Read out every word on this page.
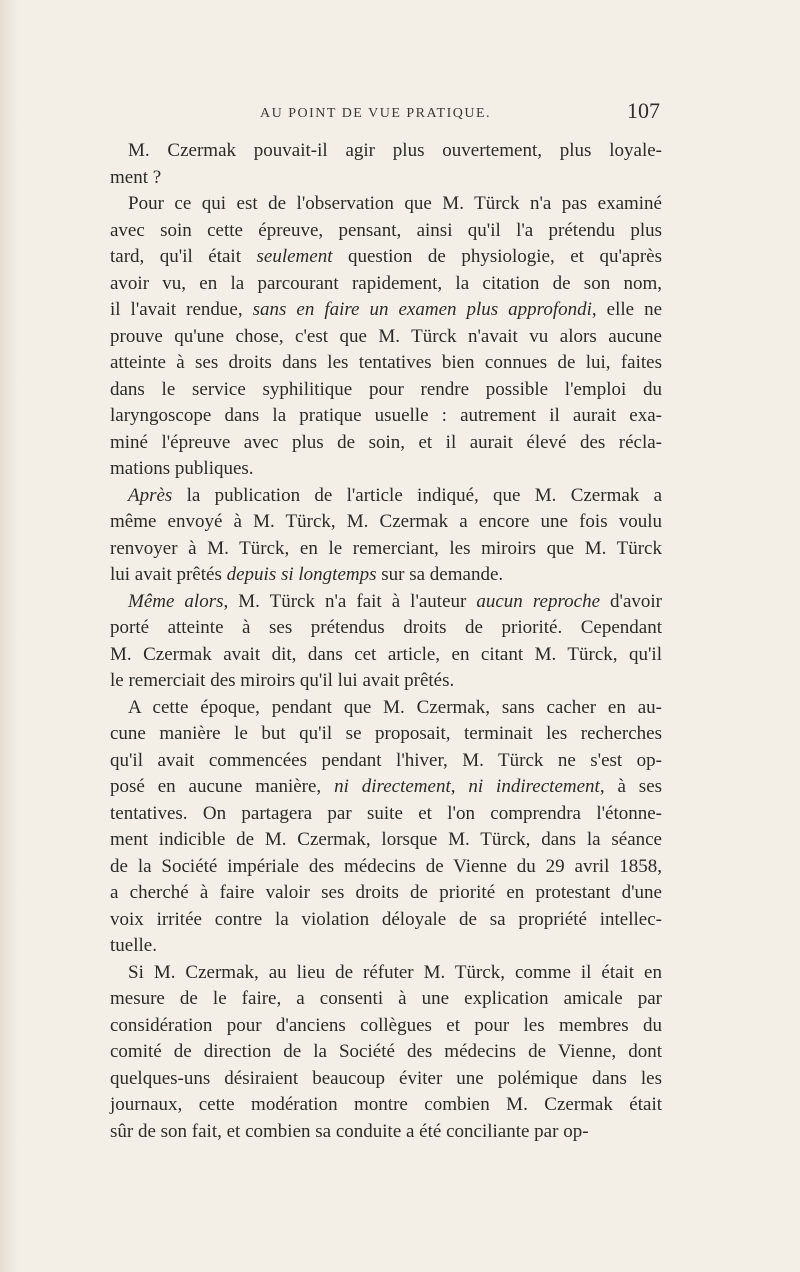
AU POINT DE VUE PRATIQUE.	107
M. Czermak pouvait-il agir plus ouvertement, plus loyale-
ment ?
Pour ce qui est de l'observation que M. Türck n'a pas examiné
avec soin cette épreuve, pensant, ainsi qu'il l'a prétendu plus
tard, qu'il était seulement question de physiologie, et qu'après
avoir vu, en la parcourant rapidement, la citation de son nom,
il l'avait rendue, sans en faire un examen plus approfondi, elle ne
prouve qu'une chose, c'est que M. Türck n'avait vu alors aucune
atteinte à ses droits dans les tentatives bien connues de lui, faites
dans le service syphilitique pour rendre possible l'emploi du
laryngoscope dans la pratique usuelle : autrement il aurait exa-
miné l'épreuve avec plus de soin, et il aurait élevé des récla-
mations publiques.
Après la publication de l'article indiqué, que M. Czermak a
même envoyé à M. Türck, M. Czermak a encore une fois voulu
renvoyer à M. Türck, en le remerciant, les miroirs que M. Türck
lui avait prêtés depuis si longtemps sur sa demande.
Même alors, M. Türck n'a fait à l'auteur aucun reproche d'avoir
porté atteinte à ses prétendus droits de priorité. Cependant
M. Czermak avait dit, dans cet article, en citant M. Türck, qu'il
le remerciait des miroirs qu'il lui avait prêtés.
A cette époque, pendant que M. Czermak, sans cacher en au-
cune manière le but qu'il se proposait, terminait les recherches
qu'il avait commencées pendant l'hiver, M. Türck ne s'est op-
posé en aucune manière, ni directement, ni indirectement, à ses
tentatives. On partagera par suite et l'on comprendra l'étonne-
ment indicible de M. Czermak, lorsque M. Türck, dans la séance
de la Société impériale des médecins de Vienne du 29 avril 1858,
a cherché à faire valoir ses droits de priorité en protestant d'une
voix irritée contre la violation déloyale de sa propriété intellec-
tuelle.
Si M. Czermak, au lieu de réfuter M. Türck, comme il était en
mesure de le faire, a consenti à une explication amicale par
considération pour d'anciens collègues et pour les membres du
comité de direction de la Société des médecins de Vienne, dont
quelques-uns désiraient beaucoup éviter une polémique dans les
journaux, cette modération montre combien M. Czermak était
sûr de son fait, et combien sa conduite a été conciliante par op-
